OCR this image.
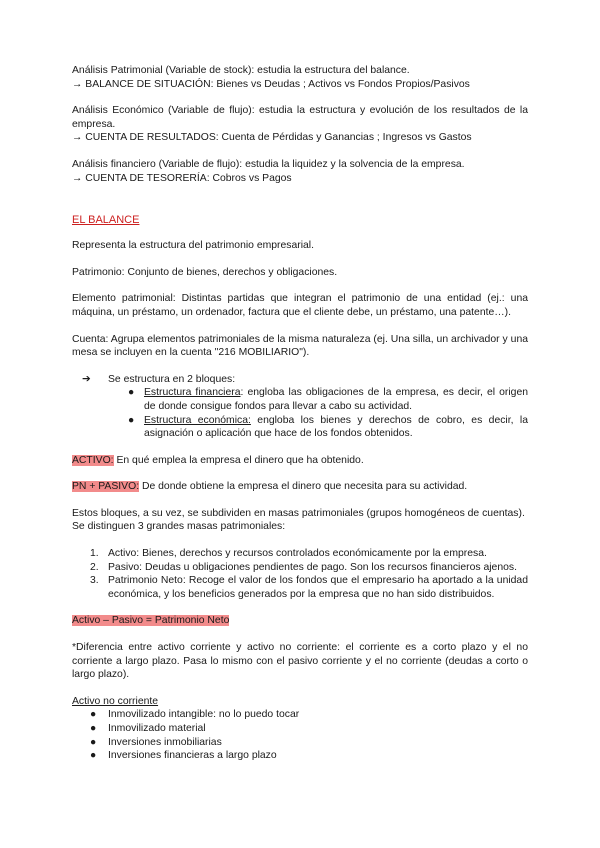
Análisis Patrimonial (Variable de stock): estudia la estructura del balance.

→ BALANCE DE SITUACIÓN: Bienes vs Deudas ; Activos vs Fondos Propios/Pasivos

Análisis Económico (Variable de flujo): estudia la estructura y evolución de los resultados de la empresa.

→ CUENTA DE RESULTADOS: Cuenta de Pérdidas y Ganancias ; Ingresos vs Gastos

Análisis financiero (Variable de flujo): estudia la liquidez y la solvencia de la empresa.

→ CUENTA DE TESORERÍA: Cobros vs Pagos

EL BALANCE

Representa la estructura del patrimonio empresarial.

Patrimonio: Conjunto de bienes, derechos y obligaciones.

Elemento patrimonial: Distintas partidas que integran el patrimonio de una entidad (ej.: una máquina, un préstamo, un ordenador, factura que el cliente debe, un préstamo, una patente…).

Cuenta: Agrupa elementos patrimoniales de la misma naturaleza (ej. Una silla, un archivador y una mesa se incluyen en la cuenta "216 MOBILIARIO").

➔ Se estructura en 2 bloques:
● Estructura financiera: engloba las obligaciones de la empresa, es decir, el origen de donde consigue fondos para llevar a cabo su actividad.
● Estructura económica: engloba los bienes y derechos de cobro, es decir, la asignación o aplicación que hace de los fondos obtenidos.

ACTIVO: En qué emplea la empresa el dinero que ha obtenido.

PN + PASIVO: De donde obtiene la empresa el dinero que necesita para su actividad.

Estos bloques, a su vez, se subdividen en masas patrimoniales (grupos homogéneos de cuentas). Se distinguen 3 grandes masas patrimoniales:

1. Activo: Bienes, derechos y recursos controlados económicamente por la empresa.
2. Pasivo: Deudas u obligaciones pendientes de pago. Son los recursos financieros ajenos.
3. Patrimonio Neto: Recoge el valor de los fondos que el empresario ha aportado a la unidad económica, y los beneficios generados por la empresa que no han sido distribuidos.

Activo – Pasivo = Patrimonio Neto

*Diferencia entre activo corriente y activo no corriente: el corriente es a corto plazo y el no corriente a largo plazo. Pasa lo mismo con el pasivo corriente y el no corriente (deudas a corto o largo plazo).

Activo no corriente

● Inmovilizado intangible: no lo puedo tocar
● Inmovilizado material
● Inversiones inmobiliarias
● Inversiones financieras a largo plazo
